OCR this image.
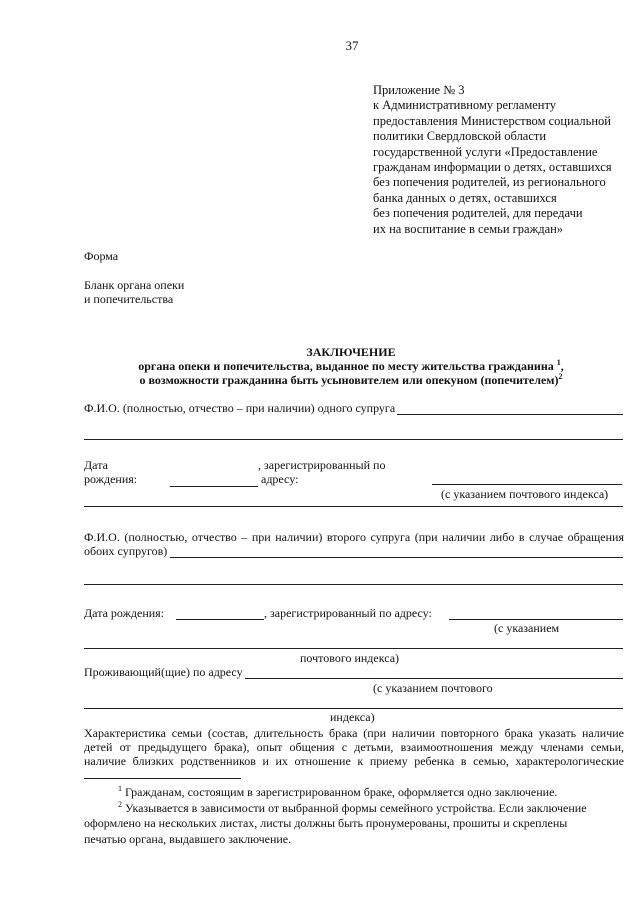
37
Приложение № 3
к Административному регламенту
предоставления Министерством социальной
политики Свердловской области
государственной услуги «Предоставление
гражданам информации о детях, оставшихся
без попечения родителей, из регионального
банка данных о детях, оставшихся
без попечения родителей, для передачи
их на воспитание в семьи граждан»
Форма
Бланк органа опеки
и попечительства
ЗАКЛЮЧЕНИЕ
органа опеки и попечительства, выданное по месту жительства гражданина $^1$,
о возможности гражданина быть усыновителем или опекуном (попечителем)$^2$
Ф.И.О. (полностью, отчество – при наличии) одного супруга
Дата
рождения:
, зарегистрированный по
адресу:
(с указанием почтового индекса)
Ф.И.О. (полностью, отчество – при наличии) второго супруга (при наличии либо в случае обращения
обоих супругов)
Дата рождения:	, зарегистрированный по адресу:
(с указанием
почтового индекса)
Проживающий(щие) по адресу
(с указанием почтового
индекса)
Характеристика семьи (состав, длительность брака (при наличии повторного брака указать наличие
детей от предыдущего брака), опыт общения с детьми, взаимоотношения между членами семьи,
наличие близких родственников и их отношение к приему ребенка в семью, характерологические
$^1$ Гражданам, состоящим в зарегистрированном браке, оформляется одно заключение.
$^2$ Указывается в зависимости от выбранной формы семейного устройства. Если заключение
оформлено на нескольких листах, листы должны быть пронумерованы, прошиты и скреплены
печатью органа, выдавшего заключение.
